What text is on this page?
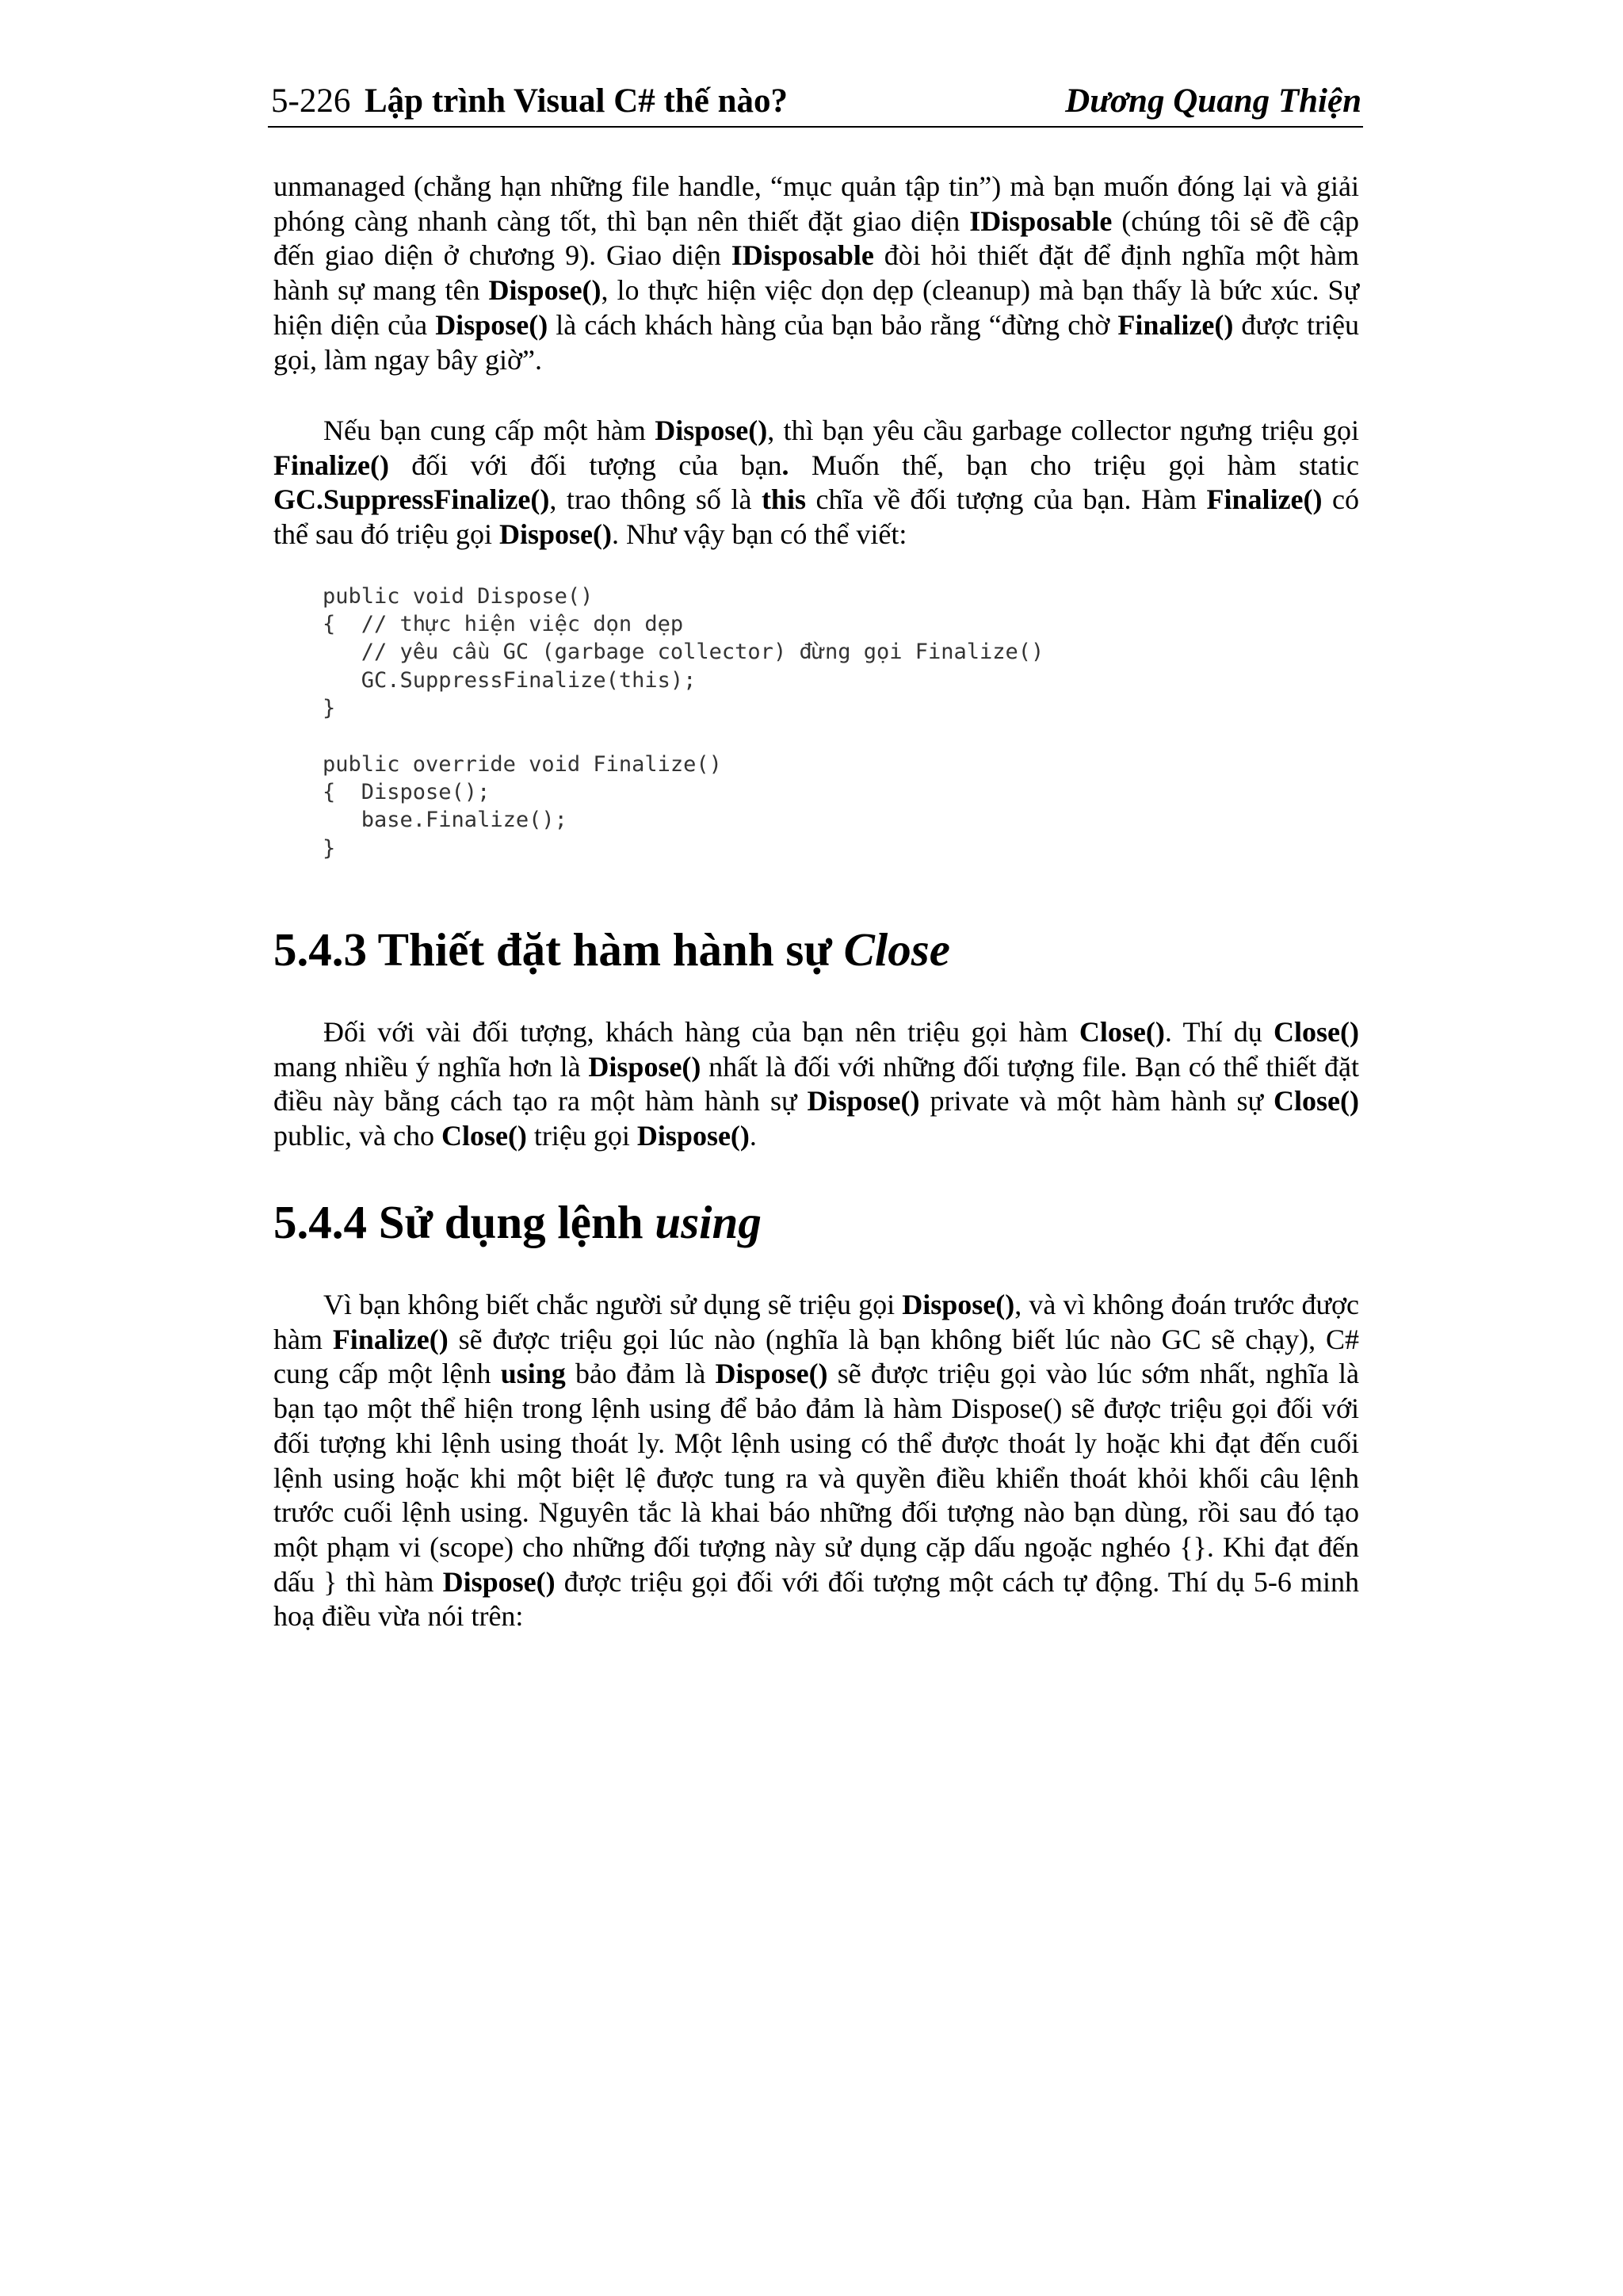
5-226 Lập trình Visual C# thế nào?	Dương Quang Thiện

unmanaged (chẳng hạn những file handle, “mục quản tập tin”) mà bạn muốn đóng lại và giải phóng càng nhanh càng tốt, thì bạn nên thiết đặt giao diện IDisposable (chúng tôi sẽ đề cập đến giao diện ở chương 9). Giao diện IDisposable đòi hỏi thiết đặt để định nghĩa một hàm hành sự mang tên Dispose(), lo thực hiện việc dọn dẹp (cleanup) mà bạn thấy là bức xúc. Sự hiện diện của Dispose() là cách khách hàng của bạn bảo rằng “đừng chờ Finalize() được triệu gọi, làm ngay bây giờ”.

Nếu bạn cung cấp một hàm Dispose(), thì bạn yêu cầu garbage collector ngưng triệu gọi Finalize() đối với đối tượng của bạn. Muốn thế, bạn cho triệu gọi hàm static GC.SuppressFinalize(), trao thông số là this chĩa về đối tượng của bạn. Hàm Finalize() có thể sau đó triệu gọi Dispose(). Như vậy bạn có thể viết:

public void Dispose()
{  // thực hiện việc dọn dẹp
// yêu cầu GC (garbage collector) đừng gọi Finalize()
GC.SuppressFinalize(this);
}
public override void Finalize()
{  Dispose();
base.Finalize();
}
5.4.3 Thiết đặt hàm hành sự Close

Đối với vài đối tượng, khách hàng của bạn nên triệu gọi hàm Close(). Thí dụ Close() mang nhiều ý nghĩa hơn là Dispose() nhất là đối với những đối tượng file. Bạn có thể thiết đặt điều này bằng cách tạo ra một hàm hành sự Dispose() private và một hàm hành sự Close() public, và cho Close() triệu gọi Dispose().

5.4.4 Sử dụng lệnh using

Vì bạn không biết chắc người sử dụng sẽ triệu gọi Dispose(), và vì không đoán trước được hàm Finalize() sẽ được triệu gọi lúc nào (nghĩa là bạn không biết lúc nào GC sẽ chạy), C# cung cấp một lệnh using bảo đảm là Dispose() sẽ được triệu gọi vào lúc sớm nhất, nghĩa là bạn tạo một thể hiện trong lệnh using để bảo đảm là hàm Dispose() sẽ được triệu gọi đối với đối tượng khi lệnh using thoát ly. Một lệnh using có thể được thoát ly hoặc khi đạt đến cuối lệnh using hoặc khi một biệt lệ được tung ra và quyền điều khiển thoát khỏi khối câu lệnh trước cuối lệnh using. Nguyên tắc là khai báo những đối tượng nào bạn dùng, rồi sau đó tạo một phạm vi (scope) cho những đối tượng này sử dụng cặp dấu ngoặc nghéo {}. Khi đạt đến dấu } thì hàm Dispose() được triệu gọi đối với đối tượng một cách tự động. Thí dụ 5-6 minh hoạ điều vừa nói trên:
